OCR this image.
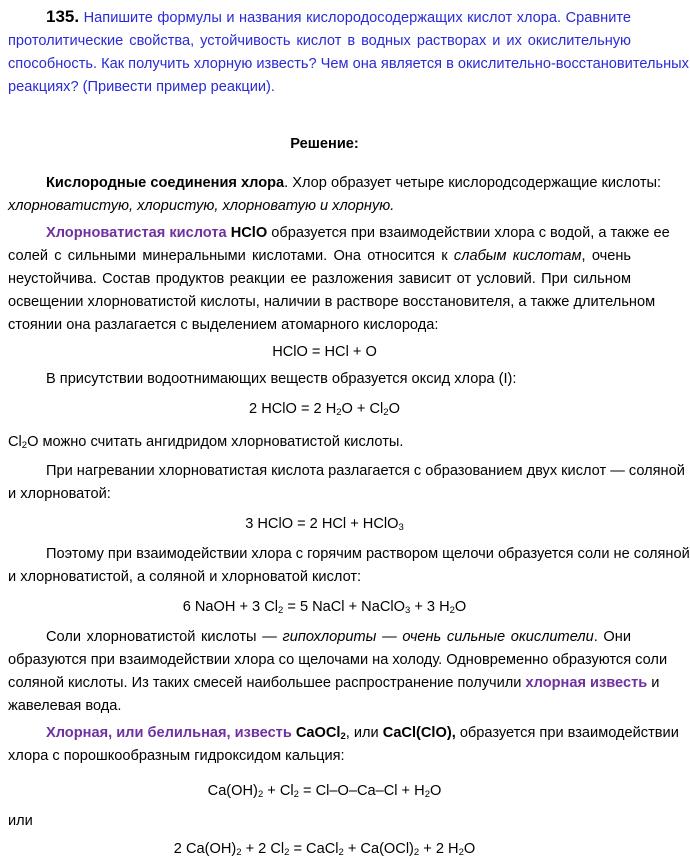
135. Напишите формулы и названия кислородосодержащих кислот хлора. Сравните
протолитические свойства, устойчивость кислот в водных растворах и их окислительную
способность. Как получить хлорную известь? Чем она является в окислительно-восстановительных
реакциях? (Привести пример реакции).
Решение:
Кислородные соединения хлора. Хлор образует четыре кислородсодержащие кислоты:
хлорноватистую, хлористую, хлорноватую и хлорную.
Хлорноватистая кислота HClO образуется при взаимодействии хлора с водой, а также ее
солей с сильными минеральными кислотами. Она относится к слабым кислотам, очень
неустойчива. Состав продуктов реакции ее разложения зависит от условий. При сильном
освещении хлорноватистой кислоты, наличии в растворе восстановителя, а также длительном
стоянии она разлагается с выделением атомарного кислорода:
HClO = HCl + O
В присутствии водоотнимающих веществ образуется оксид хлора (I):
2 HClO = 2 $H_2O + Cl_2O$
$Cl_2O$ можно считать ангидридом хлорноватистой кислоты.
При нагревании хлорноватистая кислота разлагается с образованием двух кислот — соляной
и хлорноватой:
3 HClO = 2 HCl + HClO$_3$
Поэтому при взаимодействии хлора с горячим раствором щелочи образуется соли не соляной
и хлорноватистой, а соляной и хлорноватой кислот:
6 NaOH + 3 $Cl_2 = 5$ NaCl + NaClO$_3$ + 3 $H_2O$
Соли хлорноватистой кислоты — гипохлориты — очень сильные окислители. Они
образуются при взаимодействии хлора со щелочами на холоду. Одновременно образуются соли
соляной кислоты. Из таких смесей наибольшее распространение получили хлорная известь и
жавелевая вода.
Хлорная, или белильная, известь CaOCl$_2$, или CaCl(ClO), образуется при взаимодействии
хлора с порошкообразным гидроксидом кальция:
$Ca(OH)_2 + Cl_2 = Cl-O-Ca-Cl + H_2O$
или
2 $Ca(OH)_2 + 2$ $Cl_2$ = CaCl$_2$ + $Ca(OCl)_2 + 2$ $H_2O$
